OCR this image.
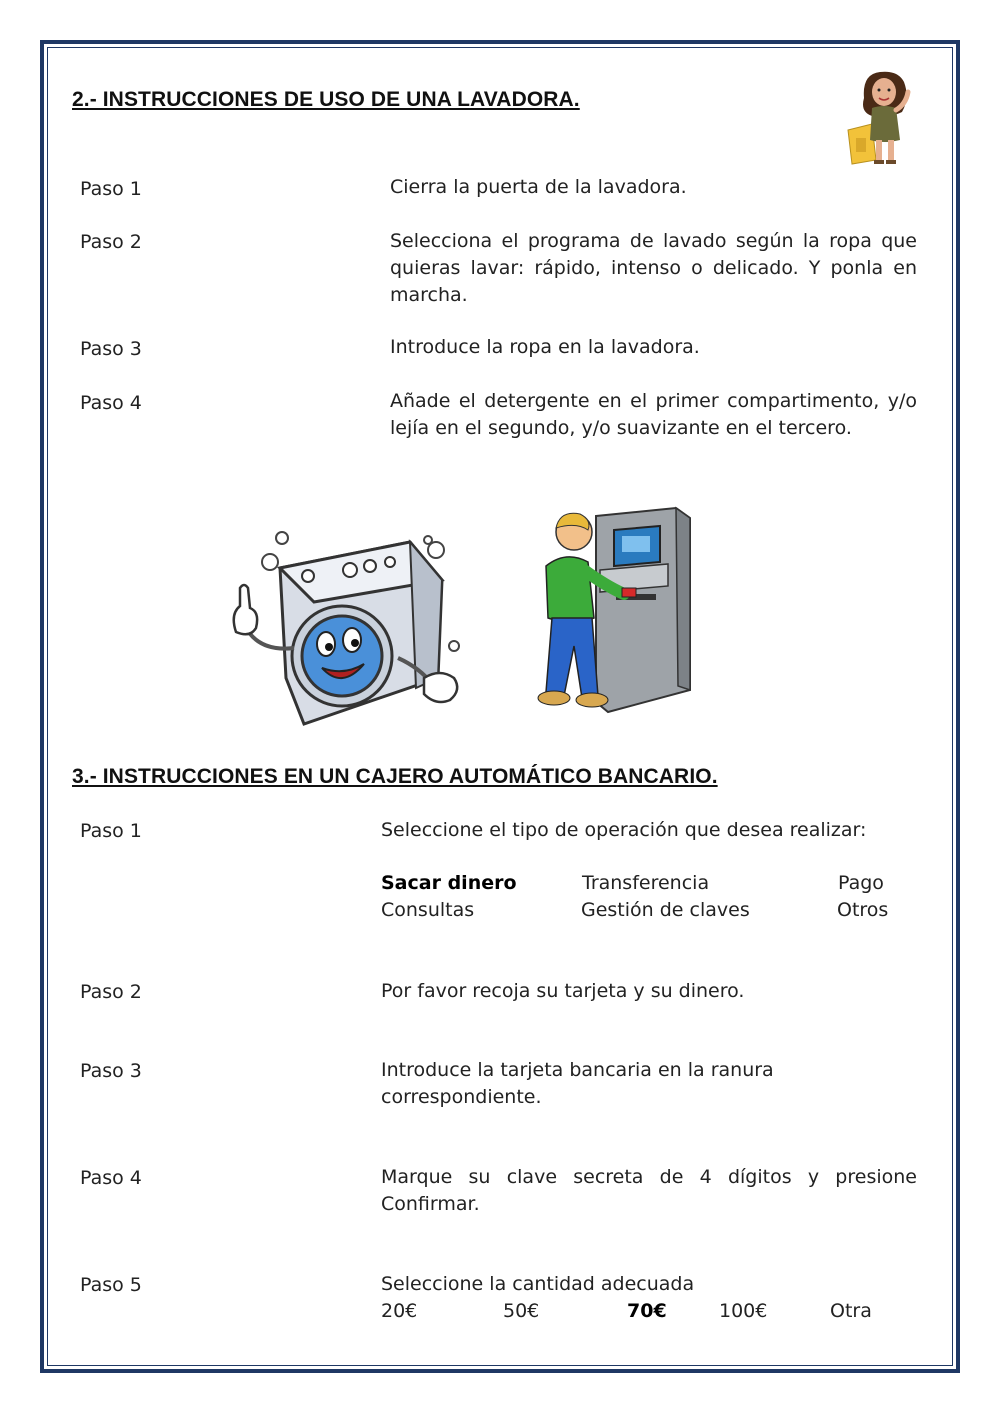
2.- INSTRUCCIONES DE USO DE UNA LAVADORA.
Paso 1	Cierra la puerta de la lavadora.

Paso 2	Selecciona el programa de lavado según la ropa que quieras lavar: rápido, intenso o delicado. Y ponla en marcha.

Paso 3	Introduce la ropa en la lavadora.

Paso 4	Añade el detergente en el primer compartimento, y/o lejía en el segundo, y/o suavizante en el tercero.

3.- INSTRUCCIONES EN UN CAJERO AUTOMÁTICO BANCARIO.
Paso 1	Seleccione el tipo de operación que desea realizar:

Sacar dinero	Transferencia	Pago
Consultas	Gestión de claves	Otros
Paso 2	Por favor recoja su tarjeta y su dinero.

Paso 3	Introduce la tarjeta bancaria en la ranura correspondiente.

Paso 4	Marque su clave secreta de 4 dígitos y presione Confirmar.

Paso 5	Seleccione la cantidad adecuada

20€	50€	70€	100€	Otra
